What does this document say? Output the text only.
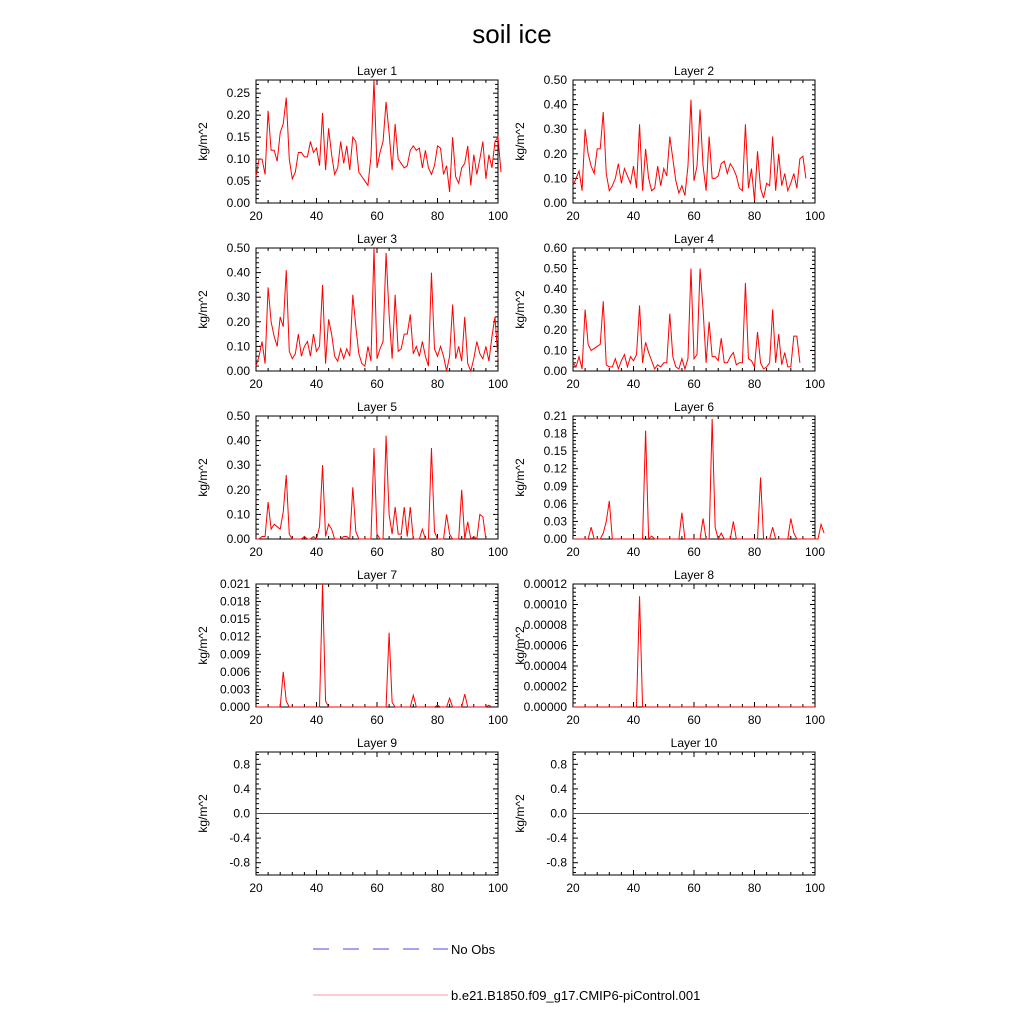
soil ice
Layer 1
kg/m^2
20	40	60	80	100
0.00
0.05
0.10
0.15
0.20
0.25
Layer 2
kg/m^2
20	40	60	80	100
0.00
0.10
0.20
0.30
0.40
0.50
Layer 3
kg/m^2
20	40	60	80	100
0.00
0.10
0.20
0.30
0.40
0.50
Layer 4
kg/m^2
20	40	60	80	100
0.00
0.10
0.20
0.30
0.40
0.50
0.60
Layer 5
kg/m^2
20	40	60	80	100
0.00
0.10
0.20
0.30
0.40
0.50
Layer 6
kg/m^2
20	40	60	80	100
0.00
0.03
0.06
0.09
0.12
0.15
0.18
0.21
Layer 7
kg/m^2
20	40	60	80	100
0.000
0.003
0.006
0.009
0.012
0.015
0.018
0.021
Layer 8
kg/m^2
20	40	60	80	100
0.00000
0.00002
0.00004
0.00006
0.00008
0.00010
0.00012
Layer 9
kg/m^2
20	40	60	80	100
-0.8
-0.4
0.0
0.4
0.8
Layer 10
kg/m^2
20	40	60	80	100
-0.8
-0.4
0.0
0.4
0.8
No Obs
b.e21.B1850.f09_g17.CMIP6-piControl.001
